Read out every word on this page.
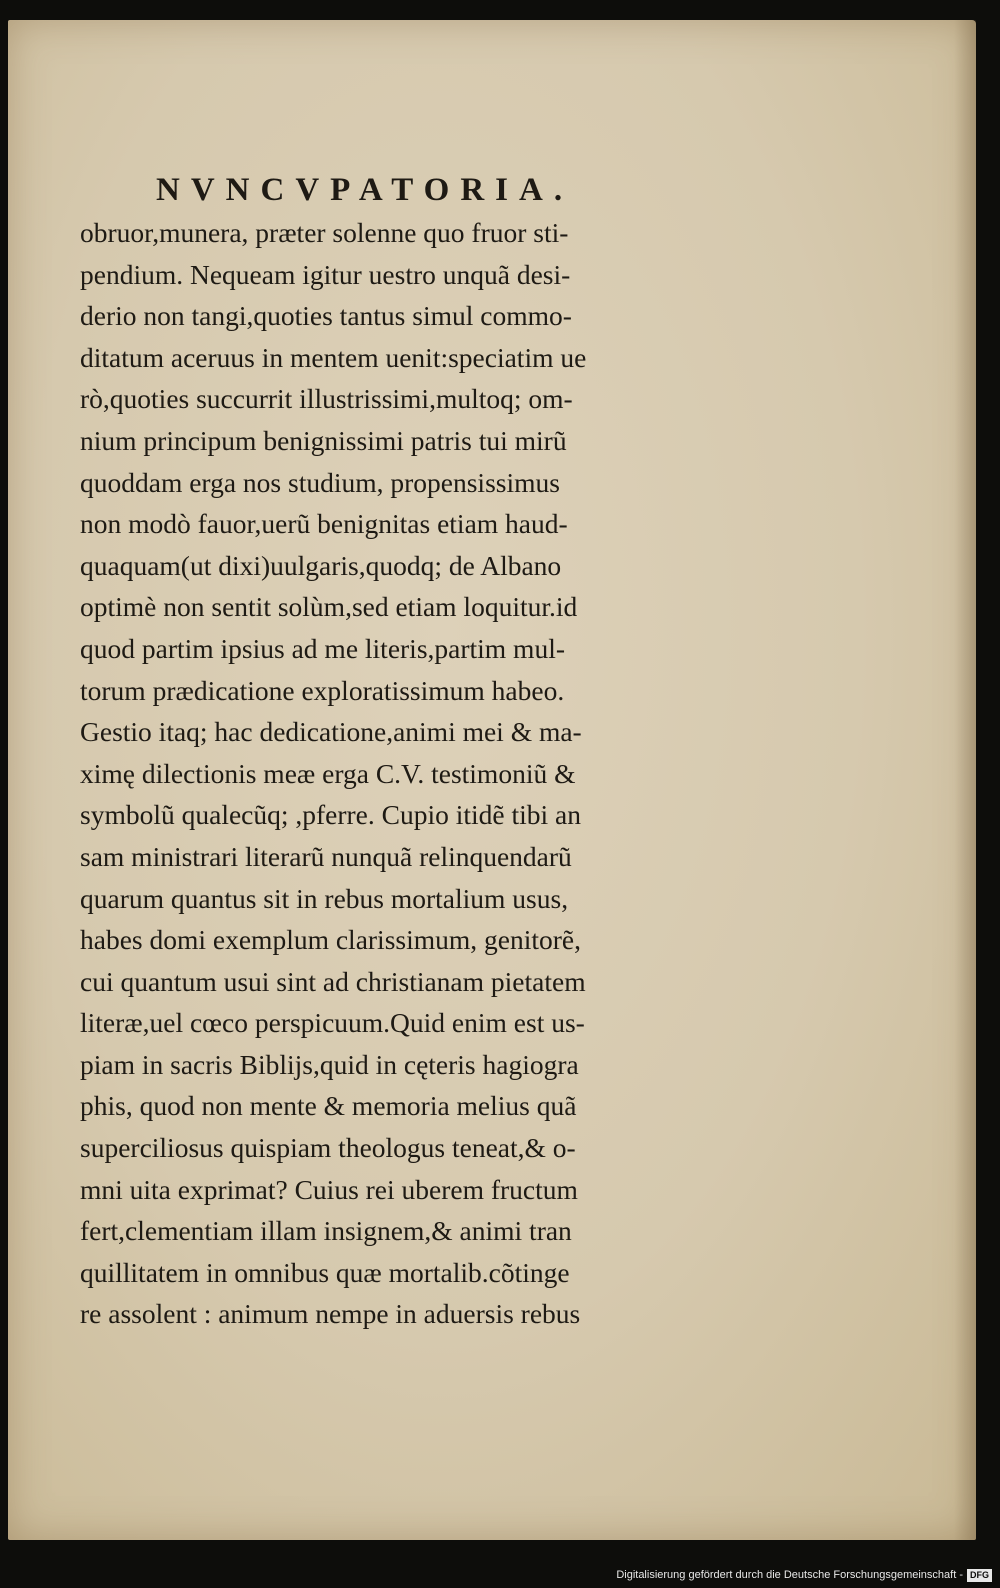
NVNCVPATORIA.
obruor,munera, præter solenne quo fruor sti-
pendium. Nequeam igitur uestro unquã desi-
derio non tangi,quoties tantus simul commo-
ditatum aceruus in mentem uenit:speciatim ue
rò,quoties succurrit illustrissimi,multoq; om-
nium principum benignissimi patris tui mirũ
quoddam erga nos studium, propensissimus
non modò fauor,uerũ benignitas etiam haud-
quaquam(ut dixi)uulgaris,quodq; de Albano
optimè non sentit solùm,sed etiam loquitur.id
quod partim ipsius ad me literis,partim mul-
torum prædicatione exploratissimum habeo.
Gestio itaq; hac dedicatione,animi mei & ma-
ximę dilectionis meæ erga C.V. testimoniũ &
symbolũ qualecũq; ,pferre. Cupio itidẽ tibi an
sam ministrari literarũ nunquã relinquendarũ
quarum quantus sit in rebus mortalium usus,
habes domi exemplum clarissimum, genitorẽ,
cui quantum usui sint ad christianam pietatem
literæ,uel cœco perspicuum.Quid enim est us-
piam in sacris Biblijs,quid in cęteris hagiogra
phis, quod non mente & memoria melius quã
superciliosus quispiam theologus teneat,& o-
mni uita exprimat? Cuius rei uberem fructum
fert,clementiam illam insignem,& animi tran
quillitatem in omnibus quæ mortalib.cõtinge
re assolent : animum nempe in aduersis rebus
Digitalisierung gefördert durch die Deutsche Forschungsgemeinschaft - DFG
